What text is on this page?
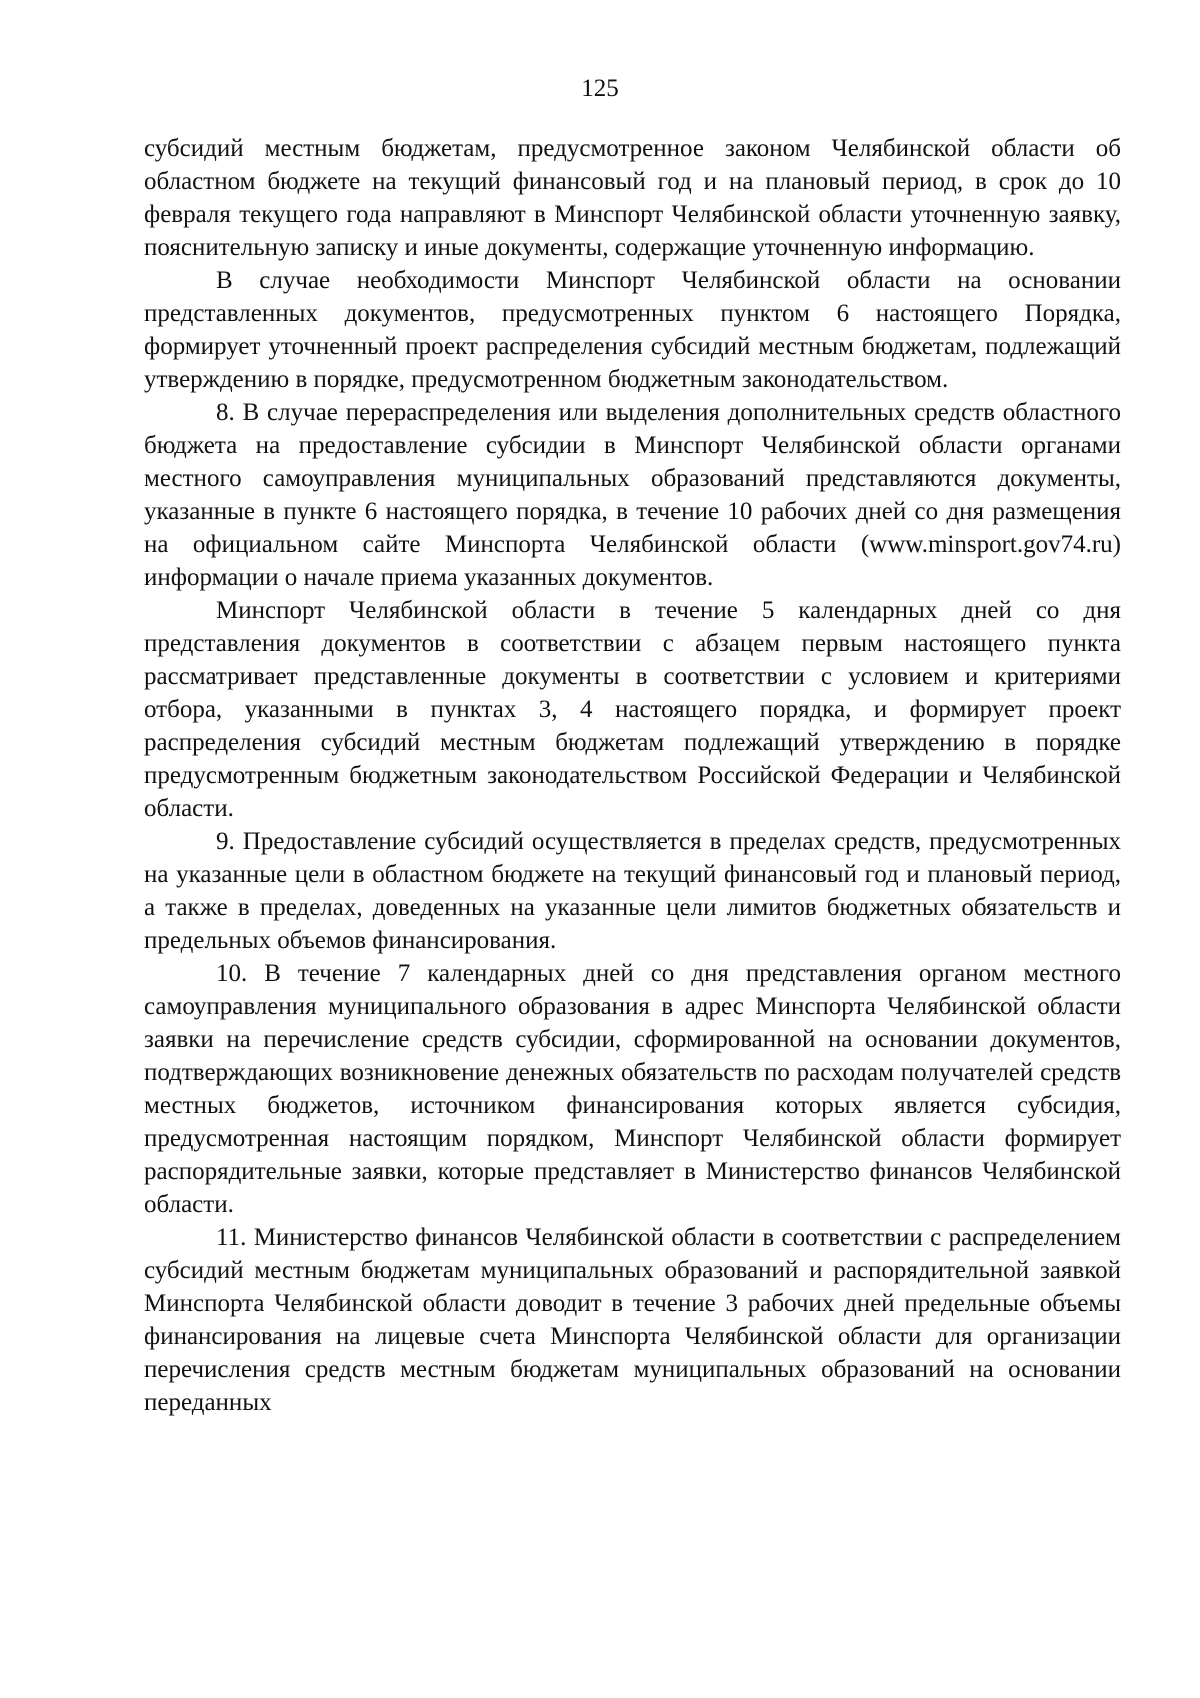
125

субсидий местным бюджетам, предусмотренное законом Челябинской области об областном бюджете на текущий финансовый год и на плановый период, в срок до 10 февраля текущего года направляют в Минспорт Челябинской области уточненную заявку, пояснительную записку и иные документы, содержащие уточненную информацию.

В случае необходимости Минспорт Челябинской области на основании представленных документов, предусмотренных пунктом 6 настоящего Порядка, формирует уточненный проект распределения субсидий местным бюджетам, подлежащий утверждению в порядке, предусмотренном бюджетным законодательством.

8. В случае перераспределения или выделения дополнительных средств областного бюджета на предоставление субсидии в Минспорт Челябинской области органами местного самоуправления муниципальных образований представляются документы, указанные в пункте 6 настоящего порядка, в течение 10 рабочих дней со дня размещения на официальном сайте Минспорта Челябинской области (www.minsport.gov74.ru) информации о начале приема указанных документов.

Минспорт Челябинской области в течение 5 календарных дней со дня представления документов в соответствии с абзацем первым настоящего пункта рассматривает представленные документы в соответствии с условием и критериями отбора, указанными в пунктах 3, 4 настоящего порядка, и формирует проект распределения субсидий местным бюджетам подлежащий утверждению в порядке предусмотренным бюджетным законодательством Российской Федерации и Челябинской области.

9. Предоставление субсидий осуществляется в пределах средств, предусмотренных на указанные цели в областном бюджете на текущий финансовый год и плановый период, а также в пределах, доведенных на указанные цели лимитов бюджетных обязательств и предельных объемов финансирования.

10. В течение 7 календарных дней со дня представления органом местного самоуправления муниципального образования в адрес Минспорта Челябинской области заявки на перечисление средств субсидии, сформированной на основании документов, подтверждающих возникновение денежных обязательств по расходам получателей средств местных бюджетов, источником финансирования которых является субсидия, предусмотренная настоящим порядком, Минспорт Челябинской области формирует распорядительные заявки, которые представляет в Министерство финансов Челябинской области.

11. Министерство финансов Челябинской области в соответствии с распределением субсидий местным бюджетам муниципальных образований и распорядительной заявкой Минспорта Челябинской области доводит в течение 3 рабочих дней предельные объемы финансирования на лицевые счета Минспорта Челябинской области для организации перечисления средств местным бюджетам муниципальных образований на основании переданных
